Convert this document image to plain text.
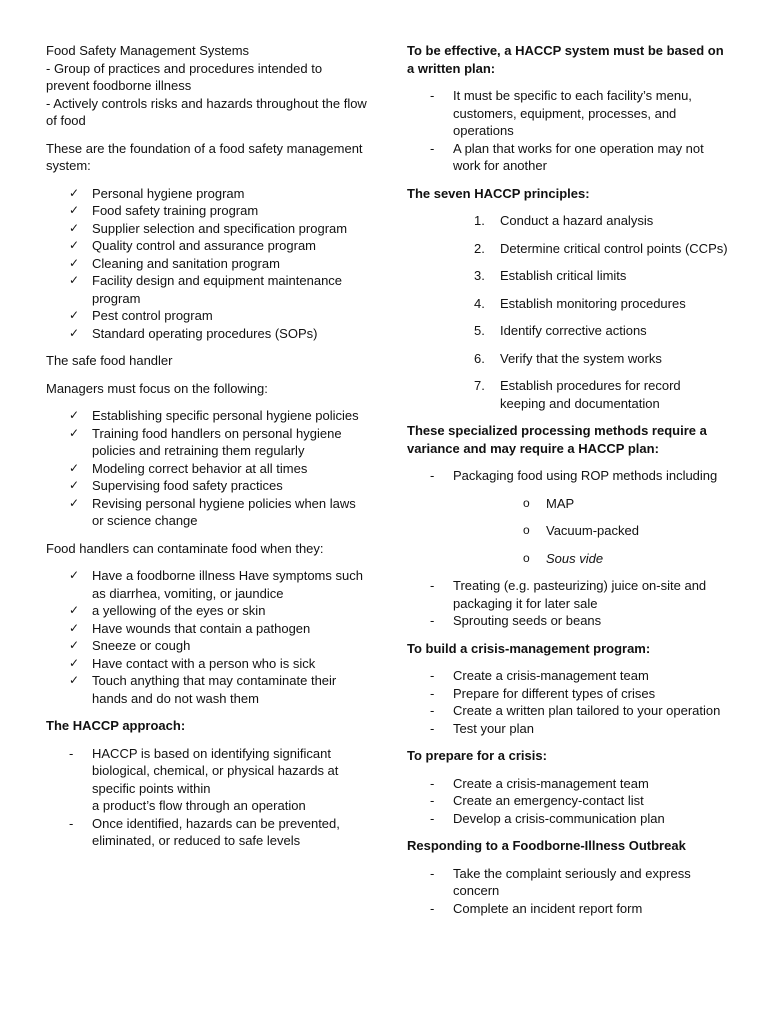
Food Safety Management Systems

- Group of practices and procedures intended to prevent foodborne illness

- Actively controls risks and hazards throughout the flow of food

These are the foundation of a food safety management system:

✓ Personal hygiene program
✓ Food safety training program
✓ Supplier selection and specification program
✓ Quality control and assurance program
✓ Cleaning and sanitation program
✓ Facility design and equipment maintenance program
✓ Pest control program
✓ Standard operating procedures (SOPs)

The safe food handler

Managers must focus on the following:

✓ Establishing specific personal hygiene policies
✓ Training food handlers on personal hygiene policies and retraining them regularly
✓ Modeling correct behavior at all times
✓ Supervising food safety practices
✓ Revising personal hygiene policies when laws or science change

Food handlers can contaminate food when they:

✓ Have a foodborne illness Have symptoms such as diarrhea, vomiting, or jaundice
✓ a yellowing of the eyes or skin
✓ Have wounds that contain a pathogen
✓ Sneeze or cough
✓ Have contact with a person who is sick
✓ Touch anything that may contaminate their hands and do not wash them

The HACCP approach:

- HACCP is based on identifying significant biological, chemical, or physical hazards at specific points within
a product’s flow through an operation
- Once identified, hazards can be prevented, eliminated, or reduced to safe levels

To be effective, a HACCP system must be based on a written plan:

- It must be specific to each facility’s menu, customers, equipment, processes, and operations
- A plan that works for one operation may not work for another

The seven HACCP principles:

1. Conduct a hazard analysis
2. Determine critical control points (CCPs)
3. Establish critical limits
4. Establish monitoring procedures
5. Identify corrective actions
6. Verify that the system works
7. Establish procedures for record keeping and documentation

These specialized processing methods require a variance and may require a HACCP plan:

- Packaging food using ROP methods including
o MAP
o Vacuum-packed
o Sous vide
- Treating (e.g. pasteurizing) juice on-site and packaging it for later sale
- Sprouting seeds or beans

To build a crisis-management program:

- Create a crisis-management team
- Prepare for different types of crises
- Create a written plan tailored to your operation
- Test your plan

To prepare for a crisis:

- Create a crisis-management team
- Create an emergency-contact list
- Develop a crisis-communication plan

Responding to a Foodborne-Illness Outbreak

- Take the complaint seriously and express concern
- Complete an incident report form
